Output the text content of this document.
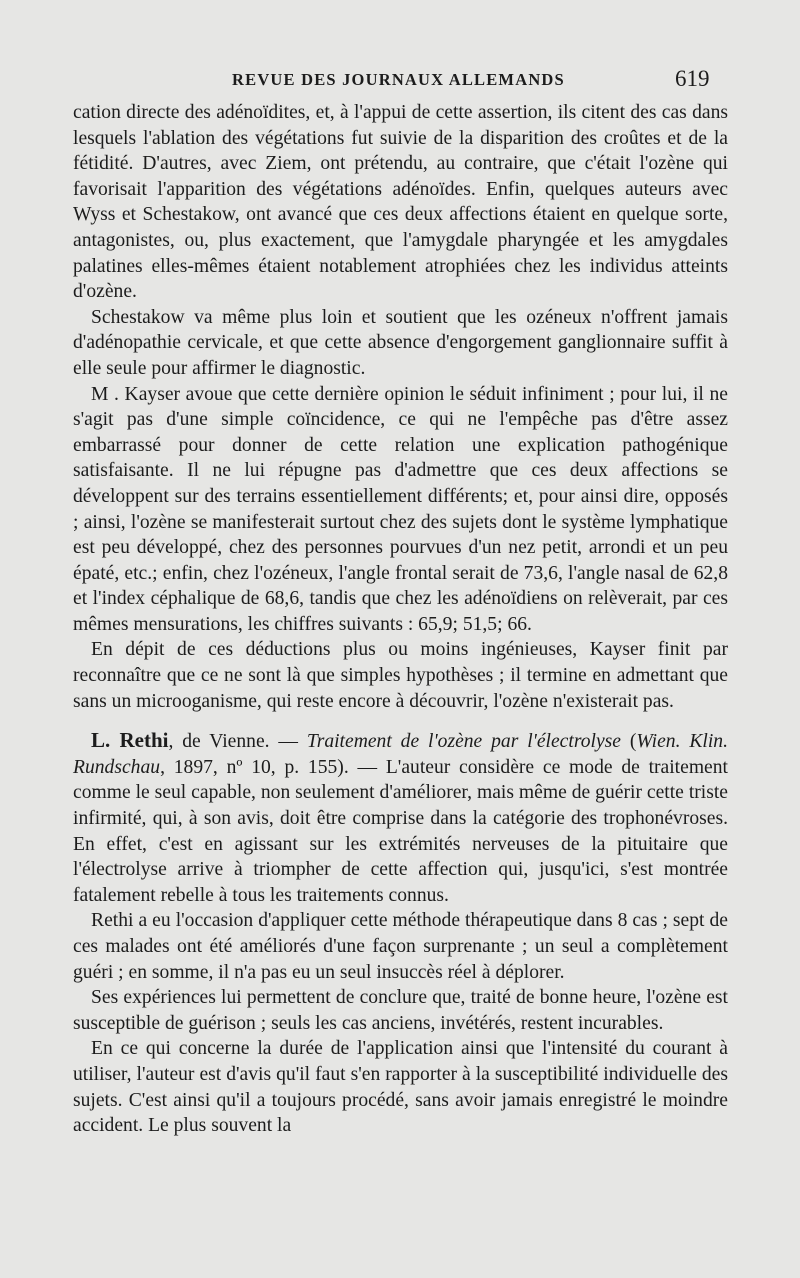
REVUE DES JOURNAUX ALLEMANDS	619

cation directe des adénoïdites, et, à l'appui de cette assertion, ils citent des cas dans lesquels l'ablation des végétations fut suivie de la disparition des croûtes et de la fétidité. D'autres, avec Ziem, ont prétendu, au contraire, que c'était l'ozène qui favorisait l'apparition des végétations adénoïdes. Enfin, quelques auteurs avec Wyss et Schestakow, ont avancé que ces deux affections étaient en quelque sorte, antagonistes, ou, plus exactement, que l'amygdale pharyngée et les amygdales palatines elles-mêmes étaient notablement atrophiées chez les individus atteints d'ozène.

Schestakow va même plus loin et soutient que les ozéneux n'offrent jamais d'adénopathie cervicale, et que cette absence d'engorgement ganglionnaire suffit à elle seule pour affirmer le diagnostic.

M . Kayser avoue que cette dernière opinion le séduit infiniment ; pour lui, il ne s'agit pas d'une simple coïncidence, ce qui ne l'empêche pas d'être assez embarrassé pour donner de cette relation une explication pathogénique satisfaisante. Il ne lui répugne pas d'admettre que ces deux affections se développent sur des terrains essentiellement différents; et, pour ainsi dire, opposés ; ainsi, l'ozène se manifesterait surtout chez des sujets dont le système lymphatique est peu développé, chez des personnes pourvues d'un nez petit, arrondi et un peu épaté, etc.; enfin, chez l'ozéneux, l'angle frontal serait de 73,6, l'angle nasal de 62,8 et l'index céphalique de 68,6, tandis que chez les adénoïdiens on relèverait, par ces mêmes mensurations, les chiffres suivants : 65,9; 51,5; 66.

En dépit de ces déductions plus ou moins ingénieuses, Kayser finit par reconnaître que ce ne sont là que simples hypothèses ; il termine en admettant que sans un microoganisme, qui reste encore à découvrir, l'ozène n'existerait pas.

L. Rethi, de Vienne. — Traitement de l'ozène par l'électrolyse (Wien. Klin. Rundschau, 1897, nº 10, p. 155). — L'auteur considère ce mode de traitement comme le seul capable, non seulement d'améliorer, mais même de guérir cette triste infirmité, qui, à son avis, doit être comprise dans la catégorie des trophonévroses. En effet, c'est en agissant sur les extrémités nerveuses de la pituitaire que l'électrolyse arrive à triompher de cette affection qui, jusqu'ici, s'est montrée fatalement rebelle à tous les traitements connus.

Rethi a eu l'occasion d'appliquer cette méthode thérapeutique dans 8 cas ; sept de ces malades ont été améliorés d'une façon surprenante ; un seul a complètement guéri ; en somme, il n'a pas eu un seul insuccès réel à déplorer.

Ses expériences lui permettent de conclure que, traité de bonne heure, l'ozène est susceptible de guérison ; seuls les cas anciens, invétérés, restent incurables.

En ce qui concerne la durée de l'application ainsi que l'intensité du courant à utiliser, l'auteur est d'avis qu'il faut s'en rapporter à la susceptibilité individuelle des sujets. C'est ainsi qu'il a toujours procédé, sans avoir jamais enregistré le moindre accident. Le plus souvent la
